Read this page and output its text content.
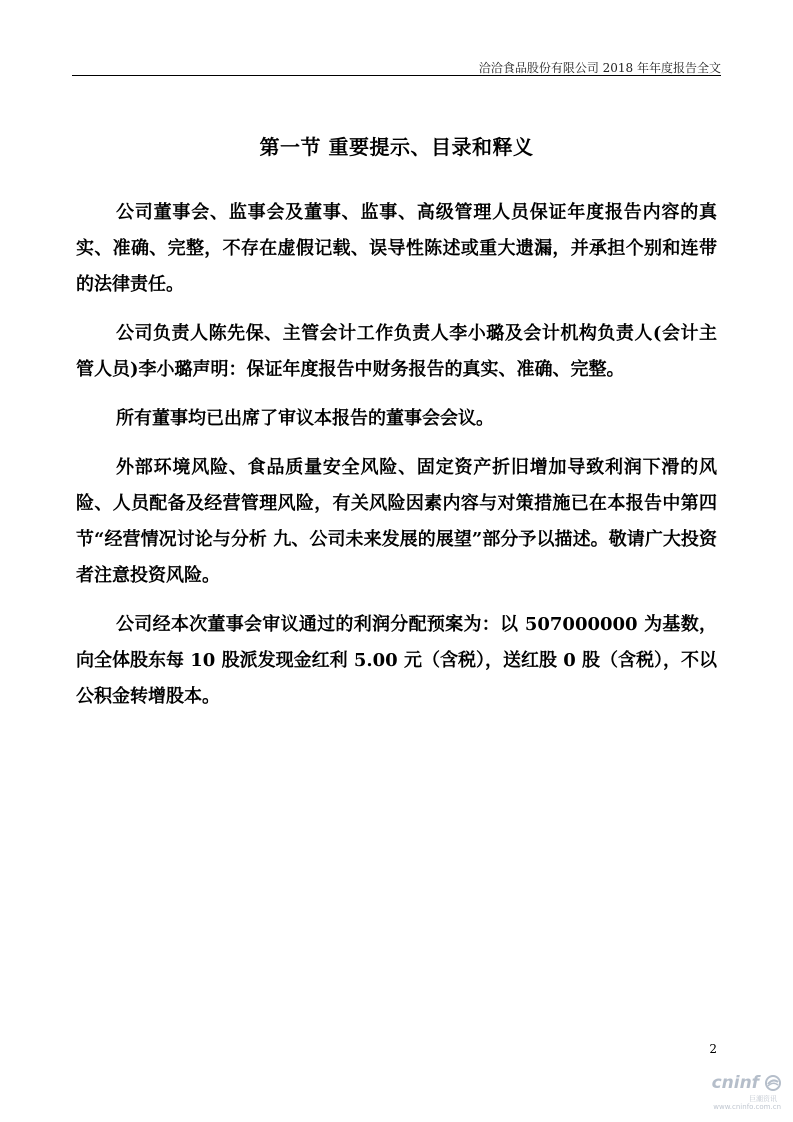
洽洽食品股份有限公司 2018 年年度报告全文
第一节 重要提示、目录和释义

公司董事会、监事会及董事、监事、高级管理人员保证年度报告内容的真实、准确、完整，不存在虚假记载、误导性陈述或重大遗漏，并承担个别和连带的法律责任。

公司负责人陈先保、主管会计工作负责人李小璐及会计机构负责人(会计主管人员)李小璐声明：保证年度报告中财务报告的真实、准确、完整。

所有董事均已出席了审议本报告的董事会会议。

外部环境风险、食品质量安全风险、固定资产折旧增加导致利润下滑的风险、人员配备及经营管理风险，有关风险因素内容与对策措施已在本报告中第四节“经营情况讨论与分析 九、公司未来发展的展望”部分予以描述。敬请广大投资者注意投资风险。

公司经本次董事会审议通过的利润分配预案为：以 507000000 为基数，向全体股东每 10 股派发现金红利 5.00 元（含税），送红股 0 股（含税），不以公积金转增股本。

2
cninf
巨潮资讯
www.cninfo.com.cn
